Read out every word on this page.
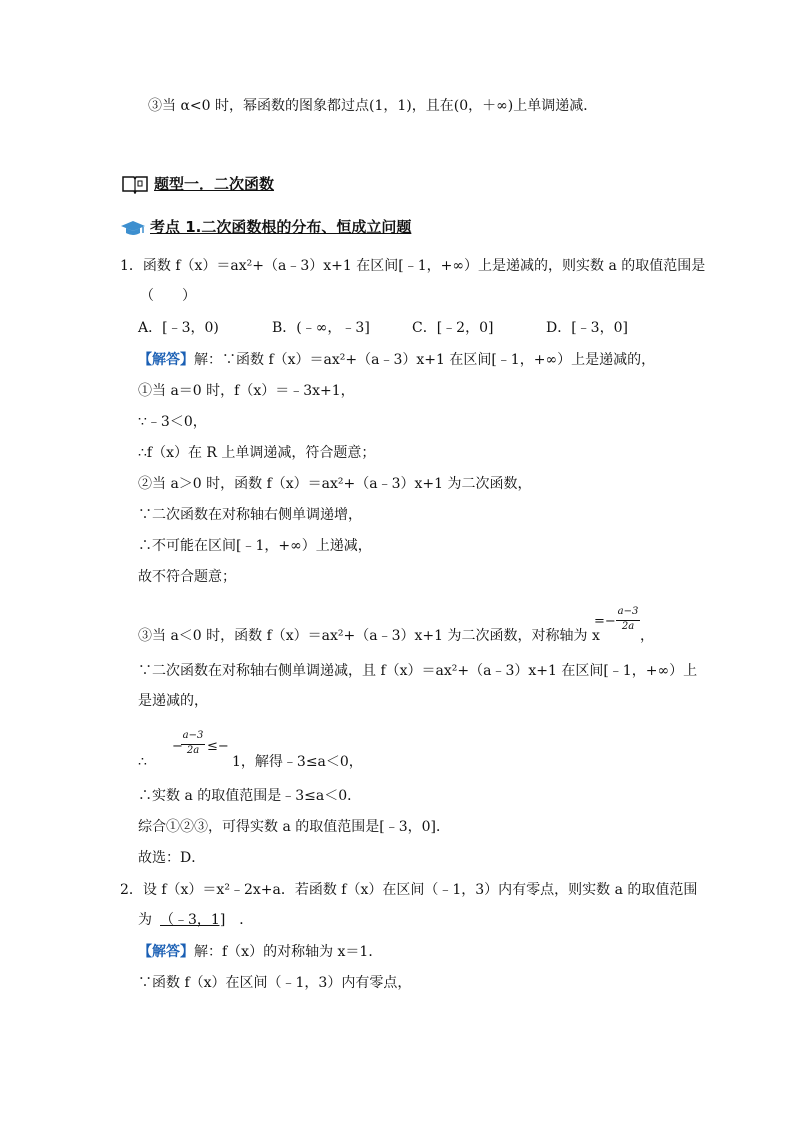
③当 α<0 时，幂函数的图象都过点(1，1)，且在(0，＋∞)上单调递减．
题型一．二次函数
考点 1.二次函数根的分布、恒成立问题
1．函数 f（x）＝ax²+（a﹣3）x+1 在区间[﹣1，+∞）上是递减的，则实数 a 的取值范围是
（　　）
A．[﹣3，0)	B．(﹣∞，﹣3]	C．[﹣2，0]	D．[﹣3，0]
【解答】解：∵函数 f（x）＝ax²+（a﹣3）x+1 在区间[﹣1，+∞）上是递减的，
①当 a＝0 时，f（x）＝﹣3x+1，
∵﹣3＜0，
∴f（x）在 R 上单调递减，符合题意；
②当 a＞0 时，函数 f（x）＝ax²+（a﹣3）x+1 为二次函数，
∵二次函数在对称轴右侧单调递增，
∴不可能在区间[﹣1，+∞）上递减，
故不符合题意；
③当 a＜0 时，函数 f（x）＝ax²+（a﹣3）x+1 为二次函数，对称轴为 x
=−
a−3
2a
，
∵二次函数在对称轴右侧单调递减，且 f（x）＝ax²+（a﹣3）x+1 在区间[﹣1，+∞）上
是递减的，
∴
−
a−3
2a ≤−
1，解得﹣3≤a＜0，
∴实数 a 的取值范围是﹣3≤a＜0．
综合①②③，可得实数 a 的取值范围是[﹣3，0]．
故选：D．
2．设 f（x）＝x²﹣2x+a．若函数 f（x）在区间（﹣1，3）内有零点，则实数 a 的取值范围
为 （﹣3，1] ．
【解答】解：f（x）的对称轴为 x＝1．
∵函数 f（x）在区间（﹣1，3）内有零点，
